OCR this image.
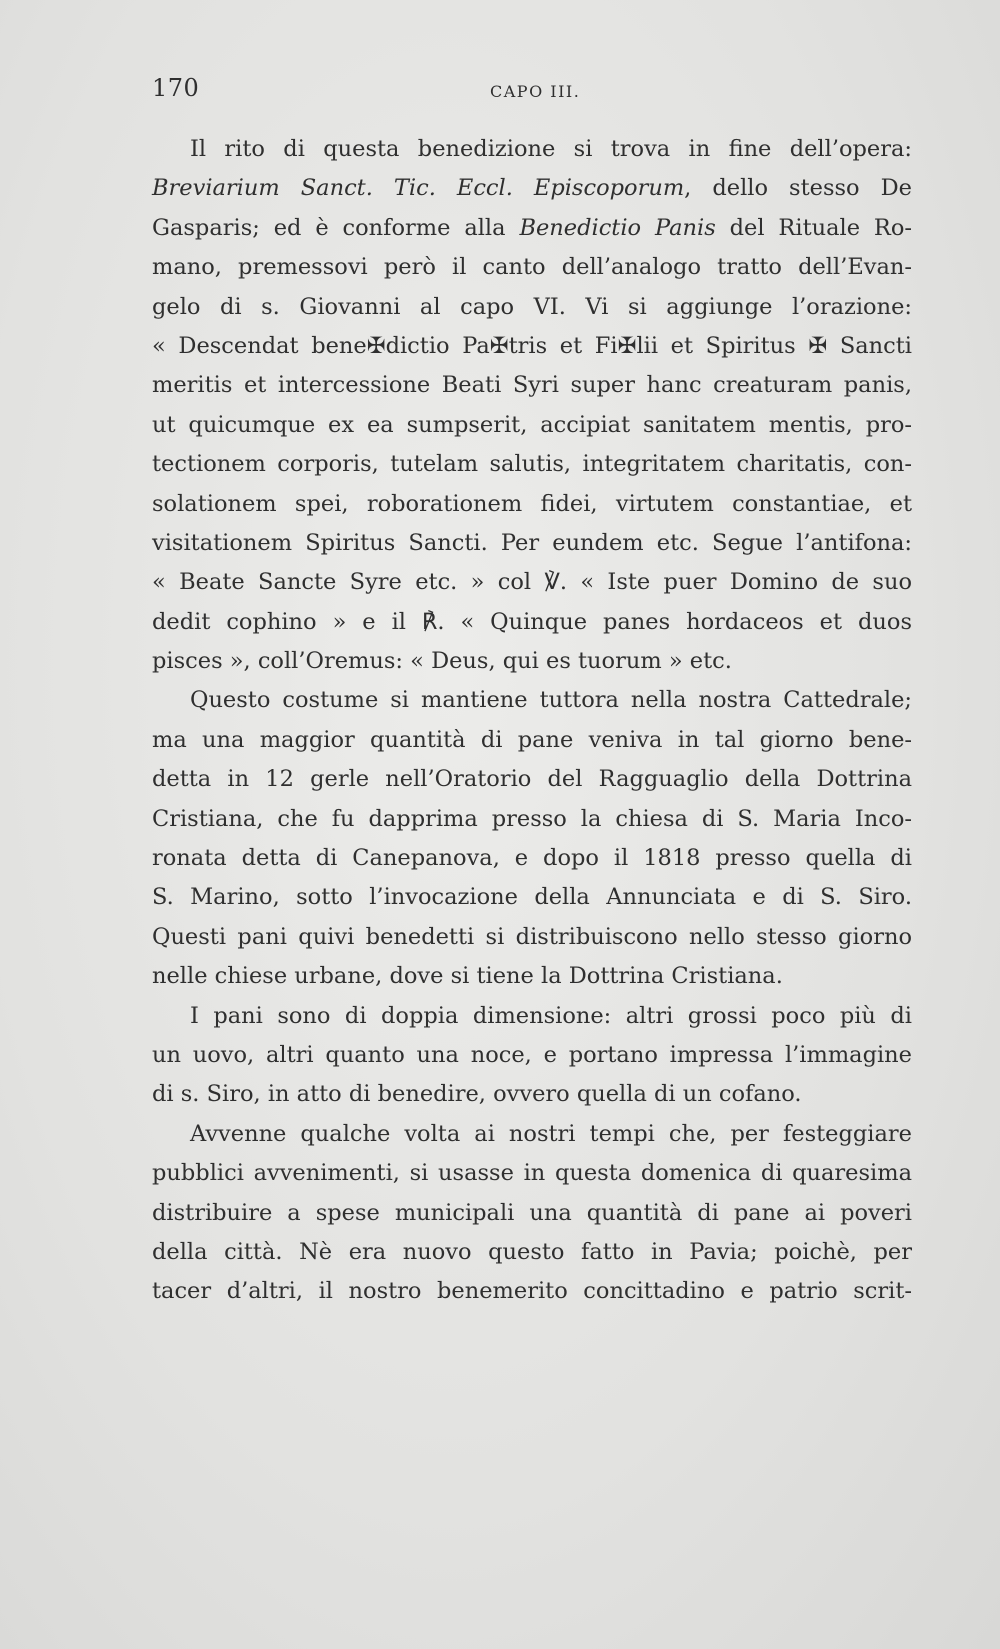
170	CAPO III.
Il rito di questa benedizione si trova in fine dell’opera:
Breviarium Sanct. Tic. Eccl. Episcoporum, dello stesso De
Gasparis; ed è conforme alla Benedictio Panis del Rituale Ro-
mano, premessovi però il canto dell’analogo tratto dell’Evan-
gelo di s. Giovanni al capo VI. Vi si aggiunge l’orazione:
« Descendat bene✠dictio Pa✠tris et Fi✠lii et Spiritus ✠ Sancti
meritis et intercessione Beati Syri super hanc creaturam panis,
ut quicumque ex ea sumpserit, accipiat sanitatem mentis, pro-
tectionem corporis, tutelam salutis, integritatem charitatis, con-
solationem spei, roborationem fidei, virtutem constantiae, et
visitationem Spiritus Sancti. Per eundem etc. Segue l’antifona:
« Beate Sancte Syre etc. » col ℣. « Iste puer Domino de suo
dedit cophino » e il ℟. « Quinque panes hordaceos et duos
pisces », coll’Oremus: « Deus, qui es tuorum » etc.
Questo costume si mantiene tuttora nella nostra Cattedrale;
ma una maggior quantità di pane veniva in tal giorno bene-
detta in 12 gerle nell’Oratorio del Ragguaglio della Dottrina
Cristiana, che fu dapprima presso la chiesa di S. Maria Inco-
ronata detta di Canepanova, e dopo il 1818 presso quella di
S. Marino, sotto l’invocazione della Annunciata e di S. Siro.
Questi pani quivi benedetti si distribuiscono nello stesso giorno
nelle chiese urbane, dove si tiene la Dottrina Cristiana.
I pani sono di doppia dimensione: altri grossi poco più di
un uovo, altri quanto una noce, e portano impressa l’immagine
di s. Siro, in atto di benedire, ovvero quella di un cofano.
Avvenne qualche volta ai nostri tempi che, per festeggiare
pubblici avvenimenti, si usasse in questa domenica di quaresima
distribuire a spese municipali una quantità di pane ai poveri
della città. Nè era nuovo questo fatto in Pavia; poichè, per
tacer d’altri, il nostro benemerito concittadino e patrio scrit-
